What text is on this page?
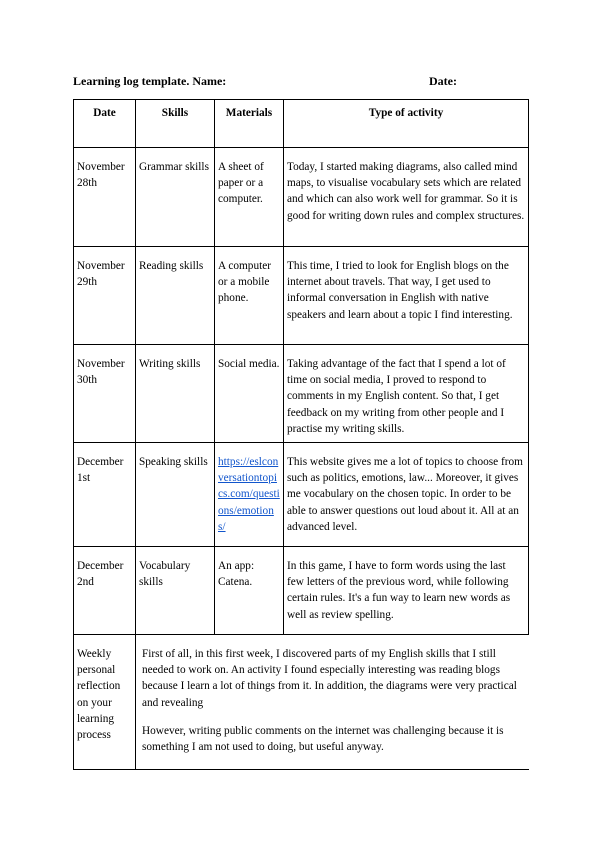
Learning log template. Name:	Date:
Date	Skills	Materials	Type of activity
November 28th	Grammar skills	A sheet of paper or a computer.	Today, I started making diagrams, also called mind maps, to visualise vocabulary sets which are related and which can also work well for grammar. So it is good for writing down rules and complex structures.
November 29th	Reading skills	A computer or a mobile phone.	This time, I tried to look for English blogs on the internet about travels. That way, I get used to informal conversation in English with native speakers and learn about a topic I find interesting.
November 30th	Writing skills	Social media.	Taking advantage of the fact that I spend a lot of time on social media, I proved to respond to comments in my English content. So that, I get feedback on my writing from other people and I practise my writing skills.
December 1st	Speaking skills	https://eslconversationtopics.com/questions/emotions/	This website gives me a lot of topics to choose from such as politics, emotions, law... Moreover, it gives me vocabulary on the chosen topic. In order to be able to answer questions out loud about it. All at an advanced level.
December 2nd	Vocabulary skills	An app: Catena.	In this game, I have to form words using the last few letters of the previous word, while following certain rules. It's a fun way to learn new words as well as review spelling.
Weekly personal reflection on your learning process	First of all, in this first week, I discovered parts of my English skills that I still needed to work on. An activity I found especially interesting was reading blogs because I learn a lot of things from it. In addition, the diagrams were very practical and revealing

However, writing public comments on the internet was challenging because it is something I am not used to doing, but useful anyway.		
